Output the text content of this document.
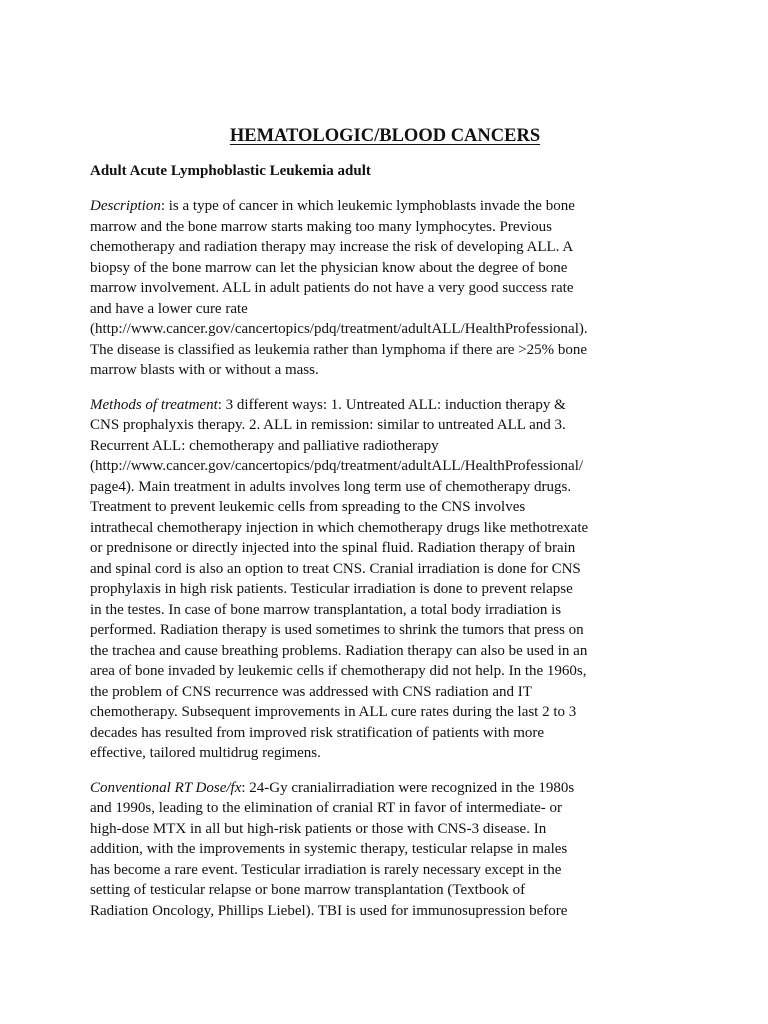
HEMATOLOGIC/BLOOD CANCERS
Adult Acute Lymphoblastic Leukemia adult

Description: is a type of cancer in which leukemic lymphoblasts invade the bone
marrow and the bone marrow starts making too many lymphocytes. Previous
chemotherapy and radiation therapy may increase the risk of developing ALL. A
biopsy of the bone marrow can let the physician know about the degree of bone
marrow involvement. ALL in adult patients do not have a very good success rate
and have a lower cure rate
(http://www.cancer.gov/cancertopics/pdq/treatment/adultALL/HealthProfessional).
The disease is classified as leukemia rather than lymphoma if there are >25% bone
marrow blasts with or without a mass.

Methods of treatment: 3 different ways: 1. Untreated ALL: induction therapy &
CNS prophalyxis therapy. 2. ALL in remission: similar to untreated ALL and 3.
Recurrent ALL: chemotherapy and palliative radiotherapy
(http://www.cancer.gov/cancertopics/pdq/treatment/adultALL/HealthProfessional/
page4). Main treatment in adults involves long term use of chemotherapy drugs.
Treatment to prevent leukemic cells from spreading to the CNS involves
intrathecal chemotherapy injection in which chemotherapy drugs like methotrexate
or prednisone or directly injected into the spinal fluid. Radiation therapy of brain
and spinal cord is also an option to treat CNS. Cranial irradiation is done for CNS
prophylaxis in high risk patients. Testicular irradiation is done to prevent relapse
in the testes. In case of bone marrow transplantation, a total body irradiation is
performed. Radiation therapy is used sometimes to shrink the tumors that press on
the trachea and cause breathing problems. Radiation therapy can also be used in an
area of bone invaded by leukemic cells if chemotherapy did not help. In the 1960s,
the problem of CNS recurrence was addressed with CNS radiation and IT
chemotherapy. Subsequent improvements in ALL cure rates during the last 2 to 3
decades has resulted from improved risk stratification of patients with more
effective, tailored multidrug regimens.

Conventional RT Dose/fx: 24-Gy cranialirradiation were recognized in the 1980s
and 1990s, leading to the elimination of cranial RT in favor of intermediate- or
high-dose MTX in all but high-risk patients or those with CNS-3 disease. In
addition, with the improvements in systemic therapy, testicular relapse in males
has become a rare event. Testicular irradiation is rarely necessary except in the
setting of testicular relapse or bone marrow transplantation (Textbook of
Radiation Oncology, Phillips Liebel). TBI is used for immunosupression before
